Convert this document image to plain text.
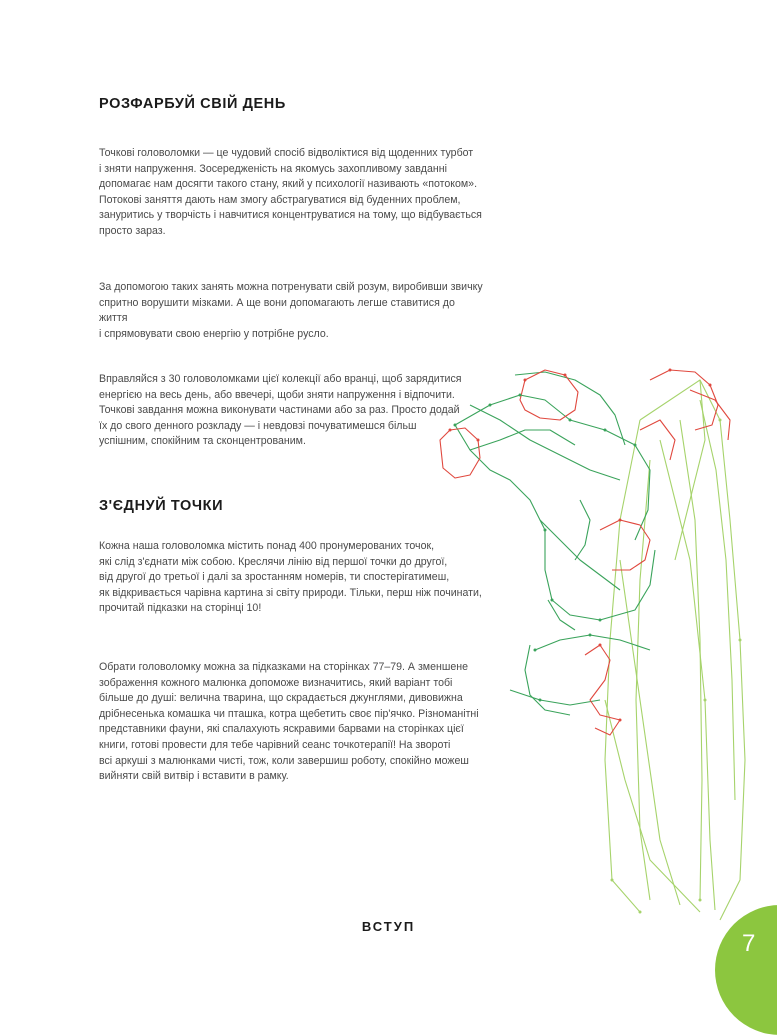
РОЗФАРБУЙ СВІЙ ДЕНЬ

Точкові головоломки — це чудовий спосіб відволіктися від щоденних турбот
і зняти напруження. Зосередженість на якомусь захопливому завданні
допомагає нам досягти такого стану, який у психології називають «потоком».
Потокові заняття дають нам змогу абстрагуватися від буденних проблем,
зануритись у творчість і навчитися концентруватися на тому, що відбувається
просто зараз.

За допомогою таких занять можна потренувати свій розум, виробивши звичку
спритно ворушити мізками. А ще вони допомагають легше ставитися до життя
і спрямовувати свою енергію у потрібне русло.

Вправляйся з 30 головоломками цієї колекції або вранці, щоб зарядитися
енергією на весь день, або ввечері, щоби зняти напруження і відпочити.
Точкові завдання можна виконувати частинами або за раз. Просто додай
їх до свого денного розкладу — і невдовзі почуватимешся більш
успішним, спокійним та сконцентрованим.

З'ЄДНУЙ ТОЧКИ

Кожна наша головоломка містить понад 400 пронумерованих точок,
які слід з'єднати між собою. Креслячи лінію від першої точки до другої,
від другої до третьої і далі за зростанням номерів, ти спостерігатимеш,
як відкривається чарівна картина зі світу природи. Тільки, перш ніж починати,
прочитай підказки на сторінці 10!

Обрати головоломку можна за підказками на сторінках 77–79. А зменшене
зображення кожного малюнка допоможе визначитись, який варіант тобі
більше до душі: велична тварина, що скрадається джунглями, дивовижна
дрібнесенька комашка чи пташка, котра щебетить своє пір'ячко. Різноманітні
представники фауни, які спалахують яскравими барвами на сторінках цієї
книги, готові провести для тебе чарівний сеанс точкотерапії! На звороті
всі аркуші з малюнками чисті, тож, коли завершиш роботу, спокійно можеш
вийняти свій витвір і вставити в рамку.

ВСТУП

7
